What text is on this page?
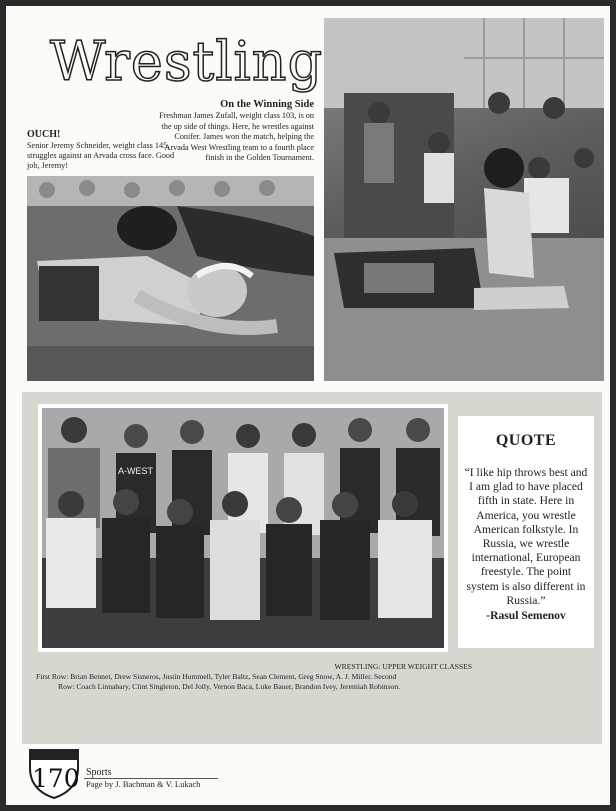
Wrestling
On the Winning Side
Freshman James Zufall, weight class 103, is on the up side of things. Here, he wrestles against Conifer. James won the match, helping the Arvada West Wrestling team to a fourth place finish in the Golden Tournament.
OUCH!
Senior Jeremy Schneider, weight class 145, struggles against an Arvada cross face. Good job, Jeremy!
A-WEST
QUOTE
“I like hip throws best and I am glad to have placed fifth in state. Here in America, you wrestle American folkstyle. In Russia, we wrestle international, European freestyle. The point system is also different in Russia.”
-Rasul Semenov
WRESTLING: UPPER WEIGHT CLASSES
First Row: Brian Bennet, Drew Sisneros, Justin Hummell, Tyler Baltz, Sean Clement, Greg Snow, A. J. Miller. Second
Row: Coach Linnabary, Clint Singleton, Del Jolly, Vernon Baca, Luke Bauer, Brandon Ivey, Jeremiah Robinson.
170 Sports
Page by J. Bachman & V. Lukach
